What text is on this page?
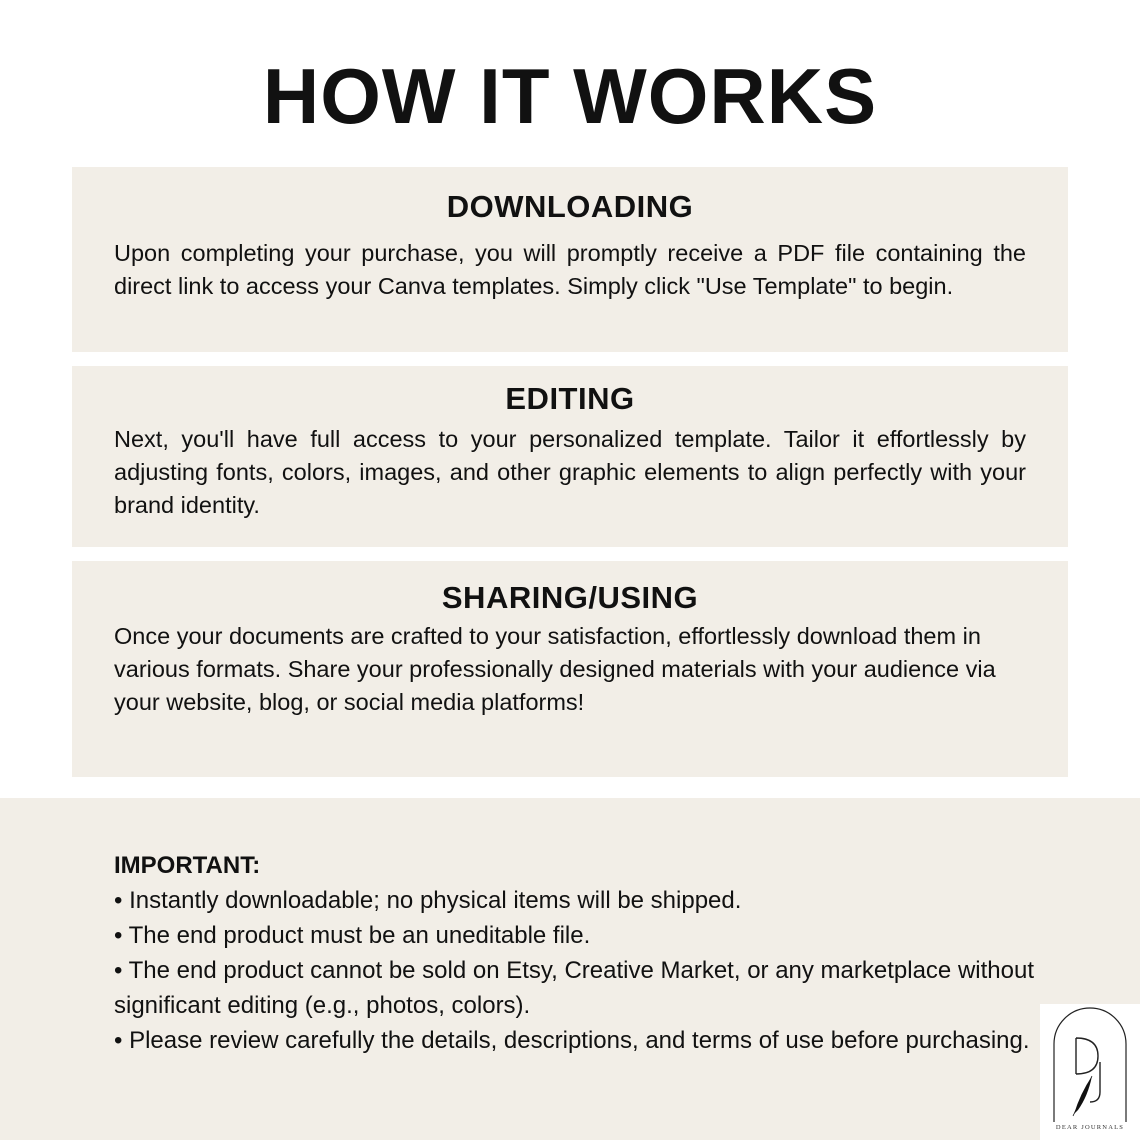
HOW IT WORKS
DOWNLOADING

Upon completing your purchase, you will promptly receive a PDF file containing the direct link to access your Canva templates. Simply click "Use Template" to begin.

EDITING

Next, you'll have full access to your personalized template. Tailor it effortlessly by adjusting fonts, colors, images, and other graphic elements to align perfectly with your brand identity.

SHARING/USING

Once your documents are crafted to your satisfaction, effortlessly download them in various formats. Share your professionally designed materials with your audience via your website, blog, or social media platforms!

IMPORTANT:
• Instantly downloadable; no physical items will be shipped.
• The end product must be an uneditable file.
• The end product cannot be sold on Etsy, Creative Market, or any marketplace without significant editing (e.g., photos, colors).
• Please review carefully the details, descriptions, and terms of use before purchasing.
DEAR JOURNALS
